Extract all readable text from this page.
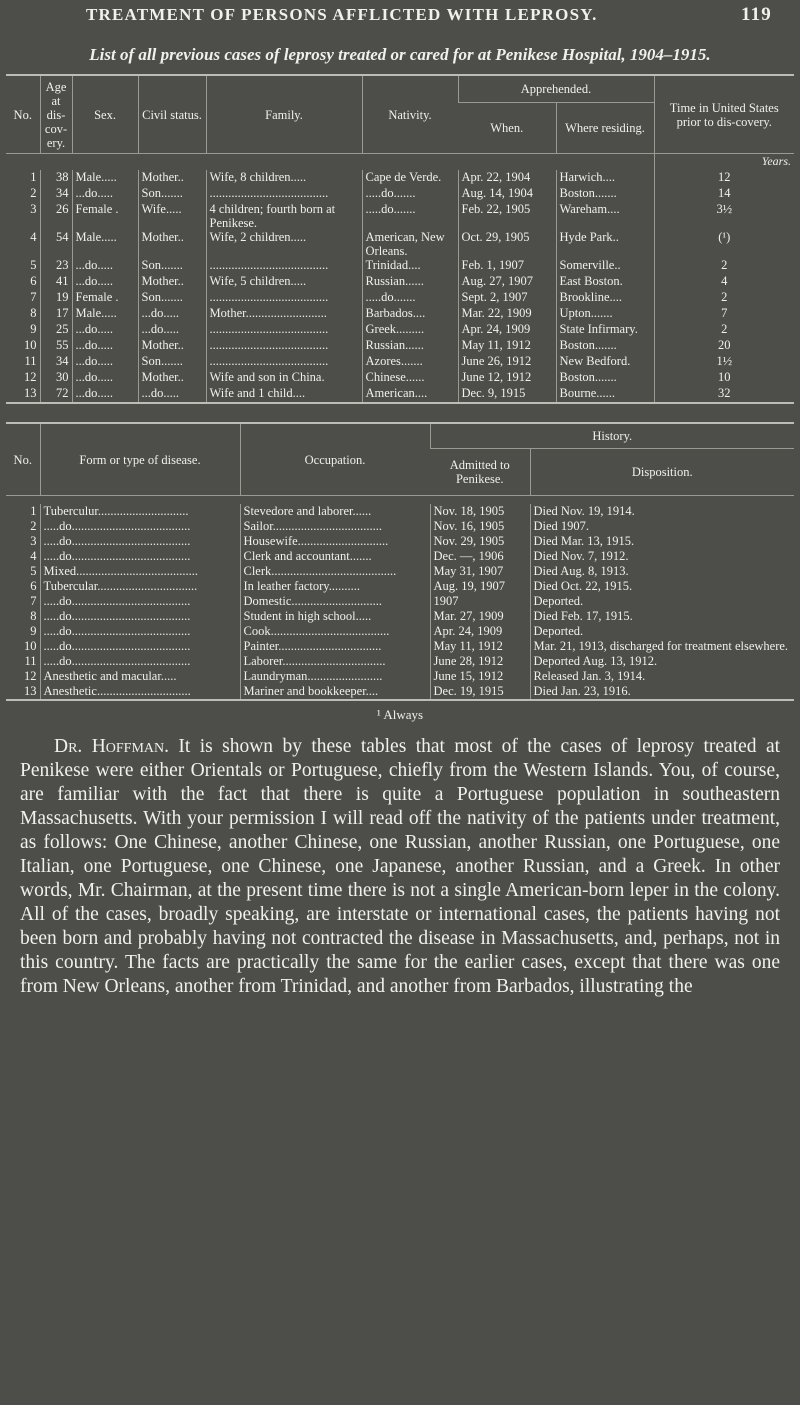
TREATMENT OF PERSONS AFFLICTED WITH LEPROSY.	119
List of all previous cases of leprosy treated or cared for at Penikese Hospital, 1904–1915.
No.	Age at dis-cov-ery.	Sex.	Civil status.	Family.	Nativity.	Apprehended.		Time in United States prior to dis-covery.
						When.	Where residing.	
								Years.
1	38	Male.....	Mother..	Wife, 8 children.....	Cape de Verde.	Apr. 22, 1904	Harwich....	12
2	34	...do.....	Son.......	......................................	.....do.......	Aug. 14, 1904	Boston.......	14
3	26	Female .	Wife.....	4 children; fourth born at Penikese.	.....do.......	Feb. 22, 1905	Wareham....	3½
4	54	Male.....	Mother..	Wife, 2 children.....	American, New Orleans.	Oct. 29, 1905	Hyde Park..	(¹)
5	23	...do.....	Son.......	......................................	Trinidad....	Feb. 1, 1907	Somerville..	2
6	41	...do.....	Mother..	Wife, 5 children.....	Russian......	Aug. 27, 1907	East Boston.	4
7	19	Female .	Son.......	......................................	.....do.......	Sept. 2, 1907	Brookline....	2
8	17	Male.....	...do.....	Mother..........................	Barbados....	Mar. 22, 1909	Upton.......	7
9	25	...do.....	...do.....	......................................	Greek.........	Apr. 24, 1909	State Infirmary.	2
10	55	...do.....	Mother..	......................................	Russian......	May 11, 1912	Boston.......	20
11	34	...do.....	Son.......	......................................	Azores.......	June 26, 1912	New Bedford.	1½
12	30	...do.....	Mother..	Wife and son in China.	Chinese......	June 12, 1912	Boston.......	10
13	72	...do.....	...do.....	Wife and 1 child....	American....	Dec. 9, 1915	Bourne......	32
No.	Form or type of disease.	Occupation.	History.	
			Admitted to Penikese.	Disposition.

1	Tuberculur.............................	Stevedore and laborer......	Nov. 18, 1905	Died Nov. 19, 1914.
2	.....do......................................	Sailor...................................	Nov. 16, 1905	Died 1907.
3	.....do......................................	Housewife.............................	Nov. 29, 1905	Died Mar. 13, 1915.
4	.....do......................................	Clerk and accountant.......	Dec. —, 1906	Died Nov. 7, 1912.
5	Mixed.......................................	Clerk........................................	May 31, 1907	Died Aug. 8, 1913.
6	Tubercular................................	In leather factory..........	Aug. 19, 1907	Died Oct. 22, 1915.
7	.....do......................................	Domestic.............................	1907	Deported.
8	.....do......................................	Student in high school.....	Mar. 27, 1909	Died Feb. 17, 1915.
9	.....do......................................	Cook......................................	Apr. 24, 1909	Deported.
10	.....do......................................	Painter.................................	May 11, 1912	Mar. 21, 1913, discharged for treatment elsewhere.
11	.....do......................................	Laborer.................................	June 28, 1912	Deported Aug. 13, 1912.
12	Anesthetic and macular.....	Laundryman........................	June 15, 1912	Released Jan. 3, 1914.
13	Anesthetic..............................	Mariner and bookkeeper....	Dec. 19, 1915	Died Jan. 23, 1916.
¹ Always

Dr. Hoffman. It is shown by these tables that most of the cases of leprosy treated at Penikese were either Orientals or Portuguese, chiefly from the Western Islands. You, of course, are familiar with the fact that there is quite a Portuguese population in southeastern Massachusetts. With your permission I will read off the nativity of the patients under treatment, as follows: One Chinese, another Chinese, one Russian, another Russian, one Portuguese, one Italian, one Portuguese, one Chinese, one Japanese, another Russian, and a Greek. In other words, Mr. Chairman, at the present time there is not a single American-born leper in the colony. All of the cases, broadly speaking, are interstate or international cases, the patients having not been born and probably having not contracted the disease in Massachusetts, and, perhaps, not in this country. The facts are practically the same for the earlier cases, except that there was one from New Orleans, another from Trinidad, and another from Barbados, illustrating the
